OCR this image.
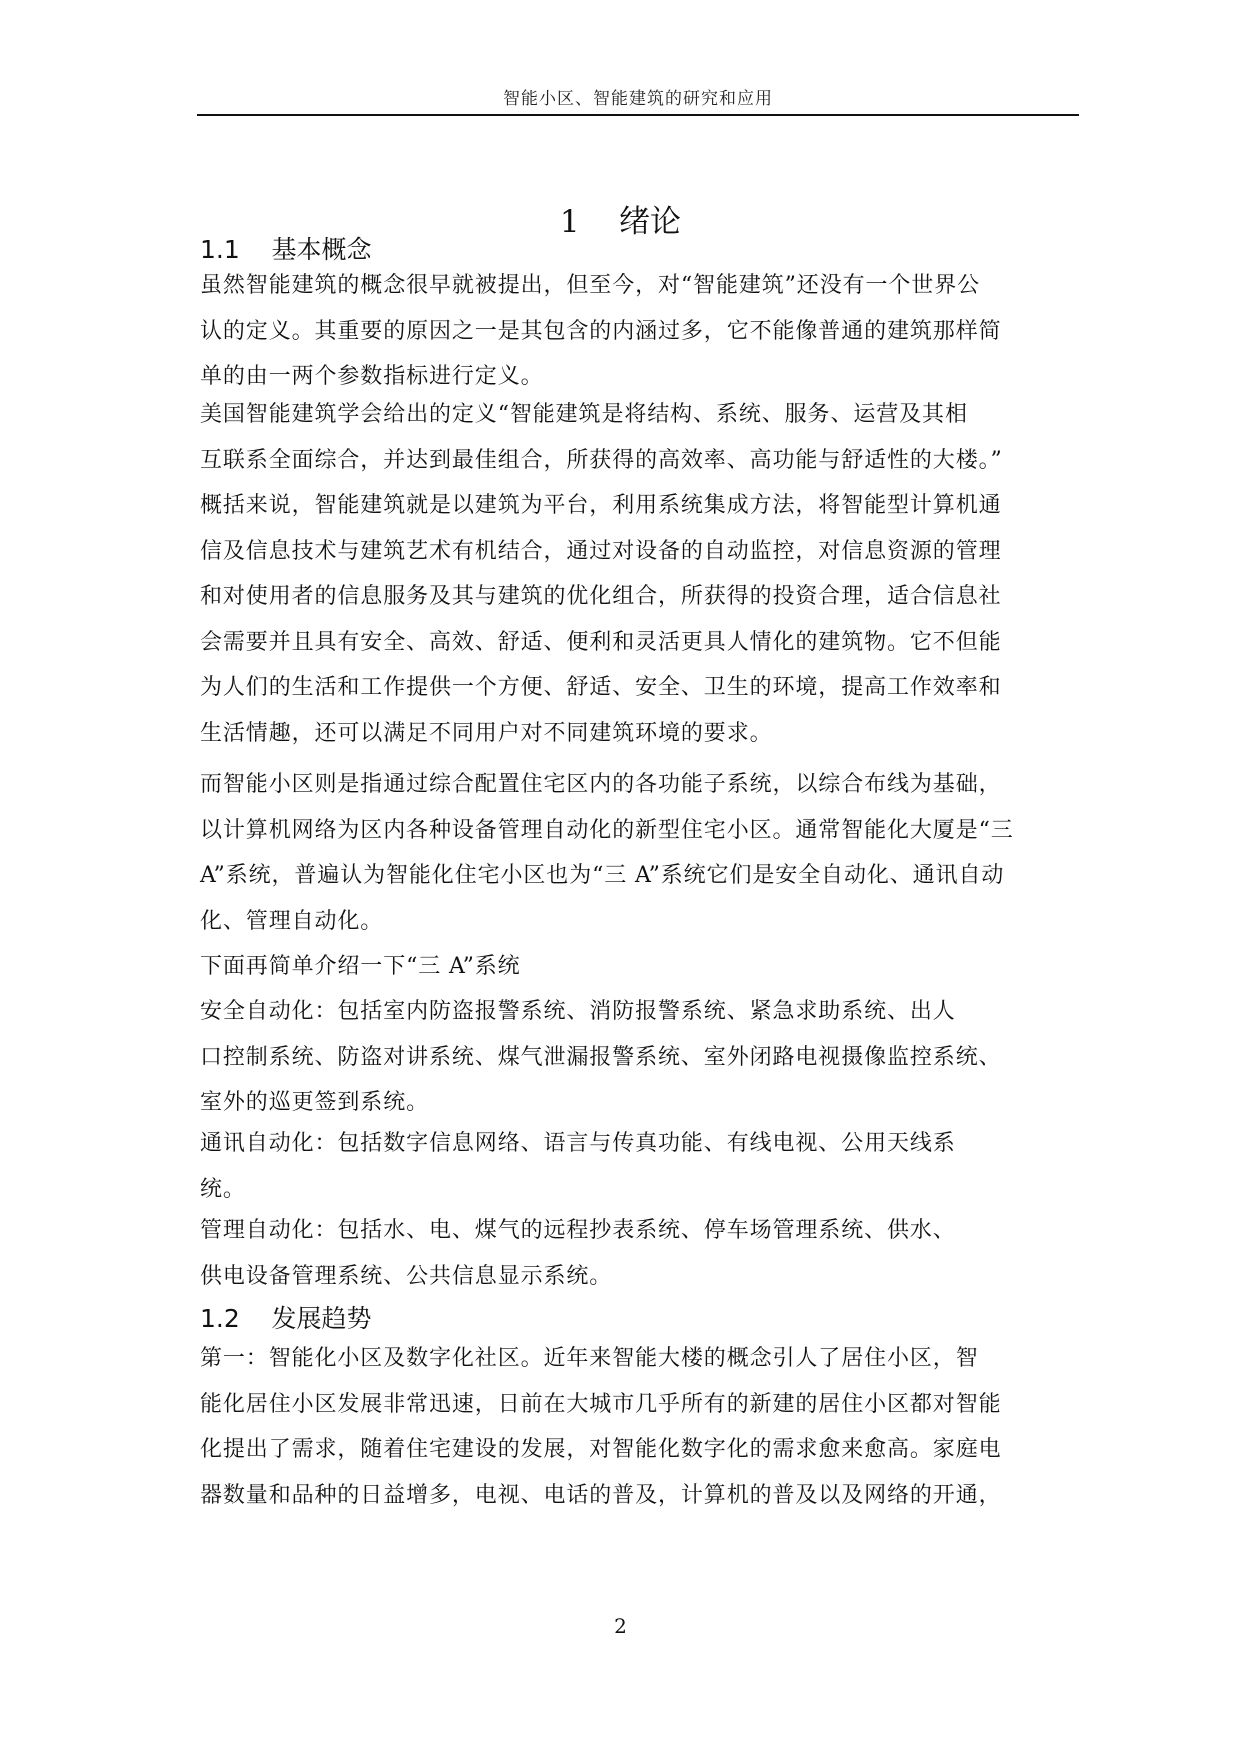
智能小区、智能建筑的研究和应用
1    绪论
1.1    基本概念

虽然智能建筑的概念很早就被提出，但至今，对“智能建筑”还没有一个世界公
认的定义。其重要的原因之一是其包含的内涵过多，它不能像普通的建筑那样简
单的由一两个参数指标进行定义。

美国智能建筑学会给出的定义“智能建筑是将结构、系统、服务、运营及其相
互联系全面综合，并达到最佳组合，所获得的高效率、高功能与舒适性的大楼。”
概括来说，智能建筑就是以建筑为平台，利用系统集成方法，将智能型计算机通
信及信息技术与建筑艺术有机结合，通过对设备的自动监控，对信息资源的管理
和对使用者的信息服务及其与建筑的优化组合，所获得的投资合理，适合信息社
会需要并且具有安全、高效、舒适、便利和灵活更具人情化的建筑物。它不但能
为人们的生活和工作提供一个方便、舒适、安全、卫生的环境，提高工作效率和
生活情趣，还可以满足不同用户对不同建筑环境的要求。

而智能小区则是指通过综合配置住宅区内的各功能子系统，以综合布线为基础，
以计算机网络为区内各种设备管理自动化的新型住宅小区。通常智能化大厦是“三
A”系统，普遍认为智能化住宅小区也为“三 A”系统它们是安全自动化、通讯自动
化、管理自动化。

下面再简单介绍一下“三 A”系统

安全自动化：包括室内防盗报警系统、消防报警系统、紧急求助系统、出人
口控制系统、防盗对讲系统、煤气泄漏报警系统、室外闭路电视摄像监控系统、
室外的巡更签到系统。

通讯自动化：包括数字信息网络、语言与传真功能、有线电视、公用天线系
统。

管理自动化：包括水、电、煤气的远程抄表系统、停车场管理系统、供水、
供电设备管理系统、公共信息显示系统。

1.2    发展趋势

第一：智能化小区及数字化社区。近年来智能大楼的概念引人了居住小区，智
能化居住小区发展非常迅速，日前在大城市几乎所有的新建的居住小区都对智能
化提出了需求，随着住宅建设的发展，对智能化数字化的需求愈来愈高。家庭电
器数量和品种的日益增多，电视、电话的普及，计算机的普及以及网络的开通，

2
